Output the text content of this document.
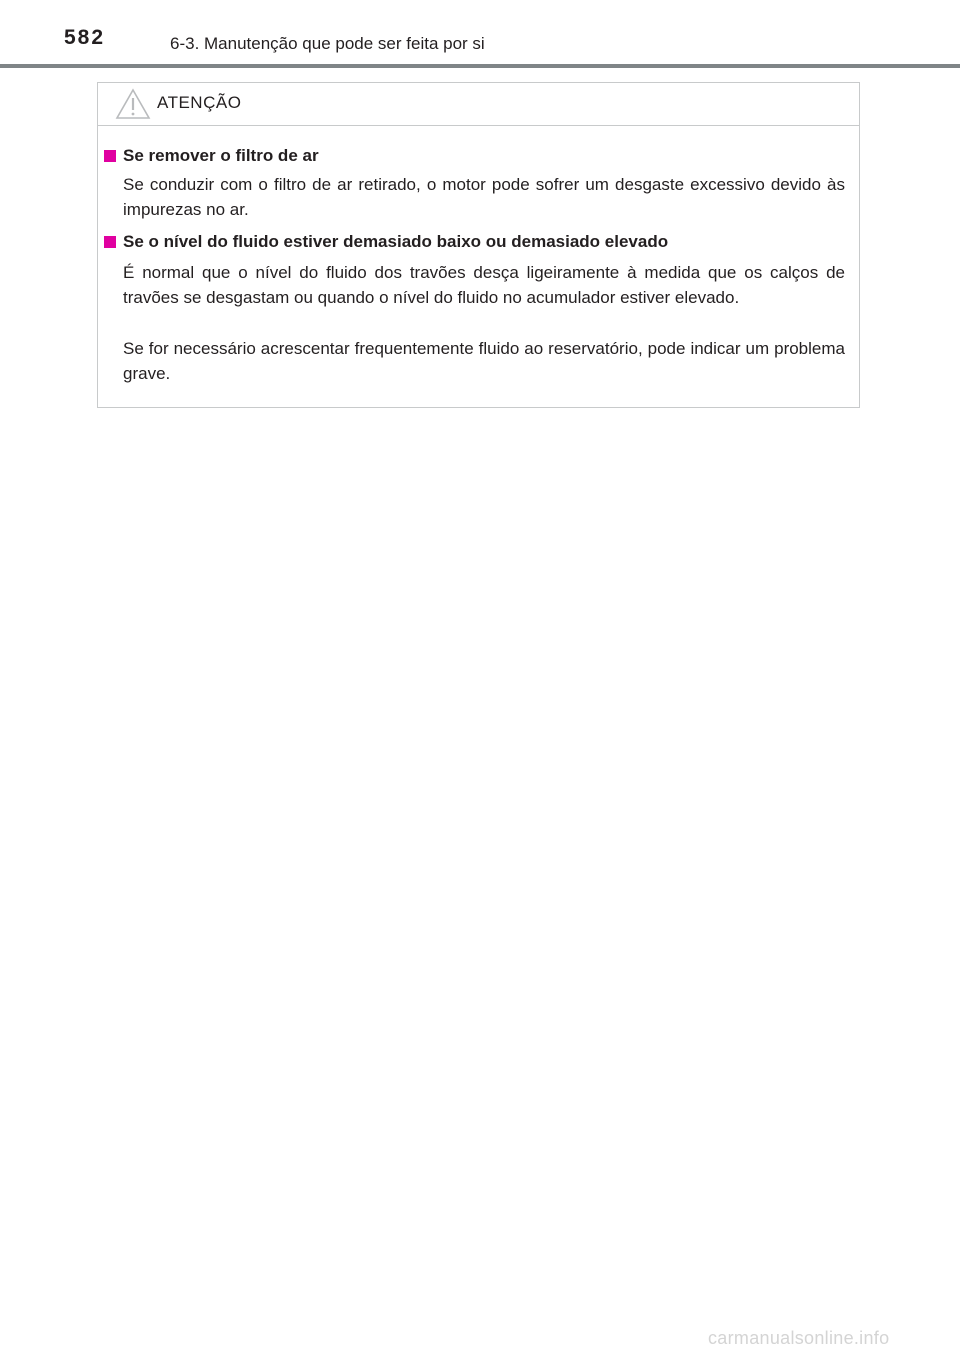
582	6-3. Manutenção que pode ser feita por si
ATENÇÃO
Se remover o filtro de ar

Se conduzir com o filtro de ar retirado, o motor pode sofrer um desgaste excessivo devido às impurezas no ar.

Se o nível do fluido estiver demasiado baixo ou demasiado elevado

É normal que o nível do fluido dos travões desça ligeiramente à medida que os calços de travões se desgastam ou quando o nível do fluido no acumulador estiver elevado.

Se for necessário acrescentar frequentemente fluido ao reservatório, pode indicar um problema grave.

carmanualsonline.info
